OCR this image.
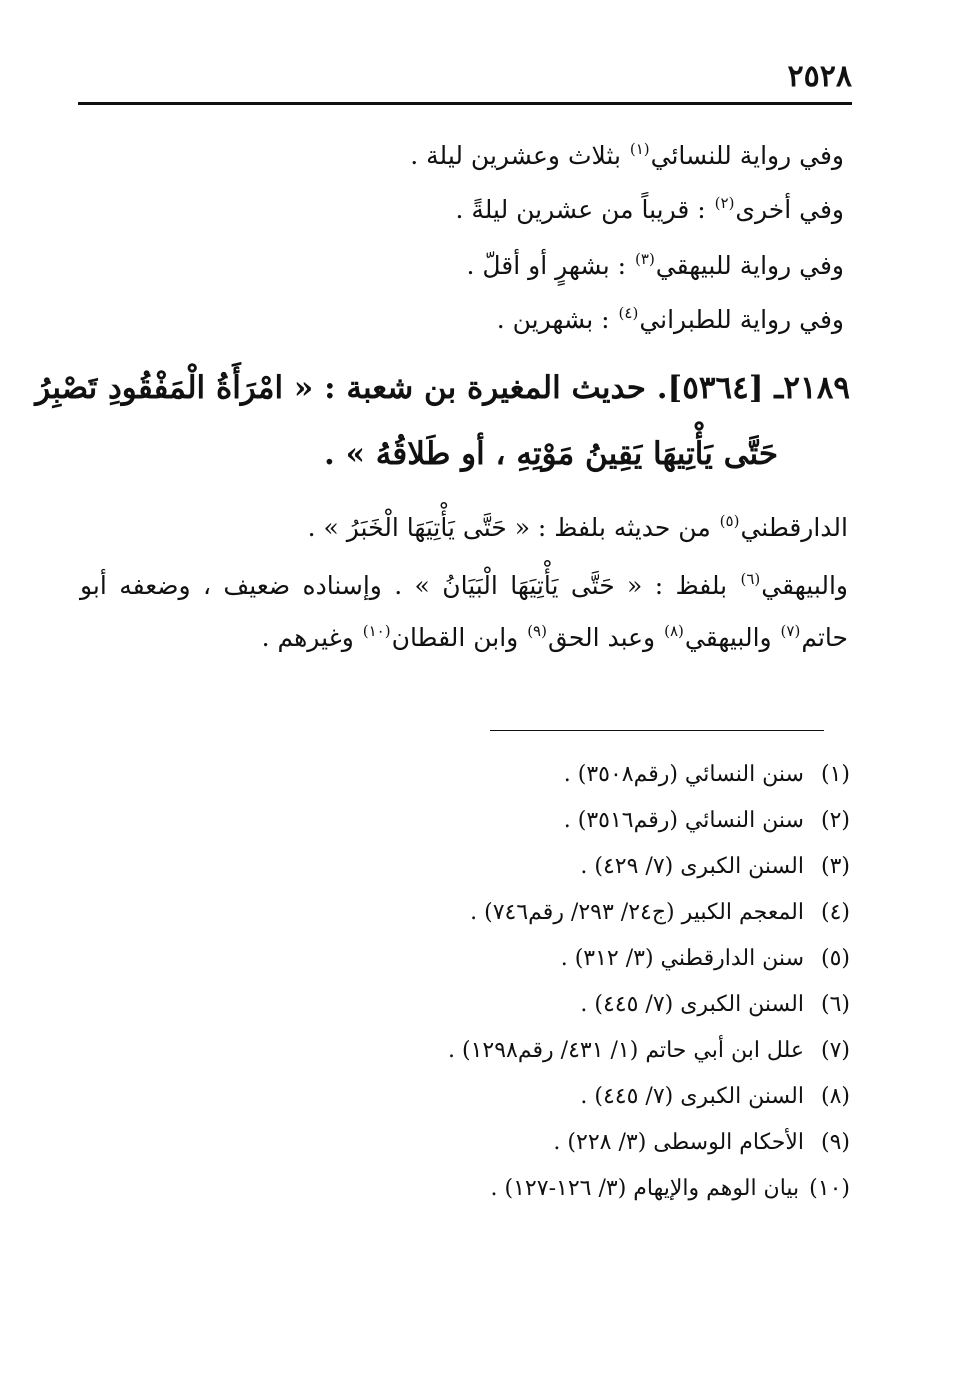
٢٥٢٨
وفي رواية للنسائي$^{(١)}$ بثلاث وعشرين ليلة .
وفي أخرى$^{(٢)}$ : قريباً من عشرين ليلةً .
وفي رواية للبيهقي$^{(٣)}$ : بشهرٍ أو أقلّ .
وفي رواية للطبراني$^{(٤)}$ : بشهرين .
٢١٨٩ـ [٥٣٦٤]. حديث المغيرة بن شعبة : « امْرَأَةُ الْمَفْقُودِ تَصْبِرُ
حَتَّى يَأْتِيهَا يَقِينُ مَوْتِهِ ، أو طَلاقُهُ » .
الدارقطني$^{(٥)}$ من حديثه بلفظ : « حَتَّى يَأْتِيَهَا الْخَبَرُ » .
والبيهقي$^{(٦)}$ بلفظ : « حَتَّى يَأْتِيَهَا الْبَيَانُ » . وإسناده ضعيف ، وضعفه أبو
حاتم$^{(٧)}$ والبيهقي$^{(٨)}$ وعبد الحق$^{(٩)}$ وابن القطان$^{(١٠)}$ وغيرهم .
(١)
سنن النسائي (رقم٣٥٠٨) .
(٢)
سنن النسائي (رقم٣٥١٦) .
(٣)
السنن الكبرى (٧/ ٤٢٩) .
(٤)
المعجم الكبير (ج٢٤/ ٢٩٣/ رقم٧٤٦) .
(٥)
سنن الدارقطني (٣/ ٣١٢) .
(٦)
السنن الكبرى (٧/ ٤٤٥) .
(٧)
علل ابن أبي حاتم (١/ ٤٣١/ رقم١٢٩٨) .
(٨)
السنن الكبرى (٧/ ٤٤٥) .
(٩)
الأحكام الوسطى (٣/ ٢٢٨) .
(١٠)
بيان الوهم والإيهام (٣/ ١٢٦-١٢٧) .
